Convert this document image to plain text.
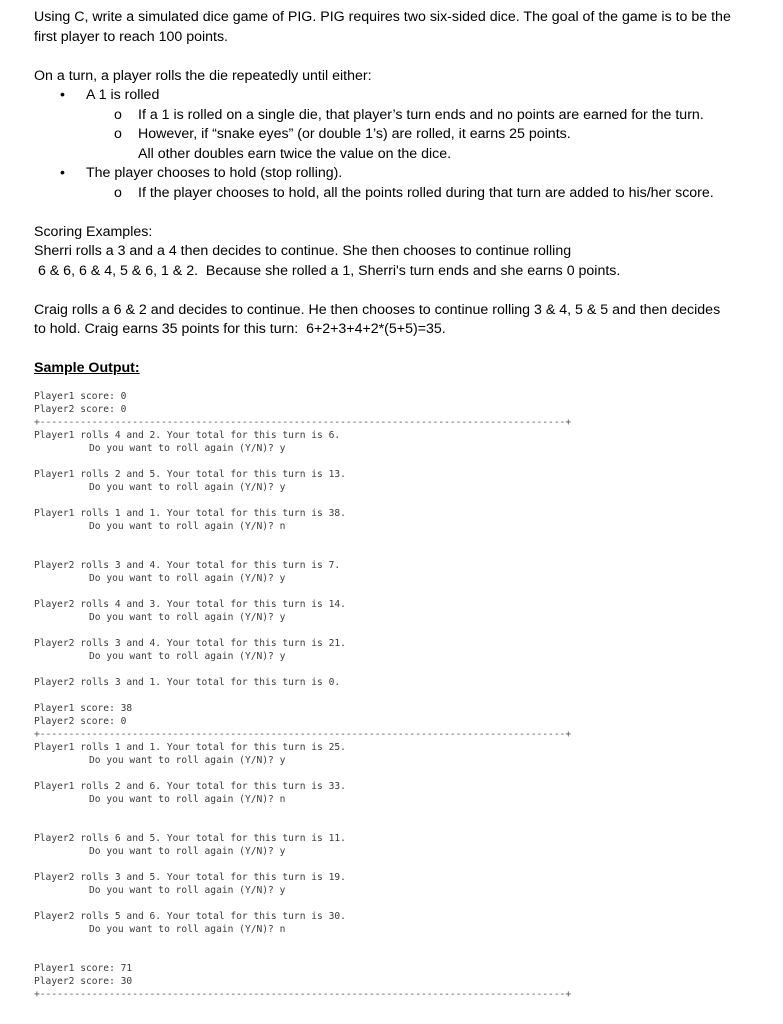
Using C, write a simulated dice game of PIG. PIG requires two six-sided dice. The goal of the game is to be the

first player to reach 100 points.

On a turn, a player rolls the die repeatedly until either:

• A 1 is rolled
o If a 1 is rolled on a single die, that player’s turn ends and no points are earned for the turn.
o However, if “snake eyes” (or double 1’s) are rolled, it earns 25 points.
All other doubles earn twice the value on the dice.
• The player chooses to hold (stop rolling).
o If the player chooses to hold, all the points rolled during that turn are added to his/her score.

Scoring Examples:

Sherri rolls a 3 and a 4 then decides to continue. She then chooses to continue rolling

6 & 6, 6 & 4, 5 & 6, 1 & 2.  Because she rolled a 1, Sherri's turn ends and she earns 0 points.

Craig rolls a 6 & 2 and decides to continue. He then chooses to continue rolling 3 & 4, 5 & 5 and then decides

to hold. Craig earns 35 points for this turn:  6+2+3+4+2*(5+5)=35.

Sample Output:

Player1 score: 0
Player2 score: 0
+-------------------------------------------------------------------------------------------+
Player1 rolls 4 and 2. Your total for this turn is 6.
Do you want to roll again (Y/N)? y
Player1 rolls 2 and 5. Your total for this turn is 13.
Do you want to roll again (Y/N)? y
Player1 rolls 1 and 1. Your total for this turn is 38.
Do you want to roll again (Y/N)? n
Player2 rolls 3 and 4. Your total for this turn is 7.
Do you want to roll again (Y/N)? y
Player2 rolls 4 and 3. Your total for this turn is 14.
Do you want to roll again (Y/N)? y
Player2 rolls 3 and 4. Your total for this turn is 21.
Do you want to roll again (Y/N)? y
Player2 rolls 3 and 1. Your total for this turn is 0.
Player1 score: 38
Player2 score: 0
+-------------------------------------------------------------------------------------------+
Player1 rolls 1 and 1. Your total for this turn is 25.
Do you want to roll again (Y/N)? y
Player1 rolls 2 and 6. Your total for this turn is 33.
Do you want to roll again (Y/N)? n
Player2 rolls 6 and 5. Your total for this turn is 11.
Do you want to roll again (Y/N)? y
Player2 rolls 3 and 5. Your total for this turn is 19.
Do you want to roll again (Y/N)? y
Player2 rolls 5 and 6. Your total for this turn is 30.
Do you want to roll again (Y/N)? n
Player1 score: 71
Player2 score: 30
+-------------------------------------------------------------------------------------------+
